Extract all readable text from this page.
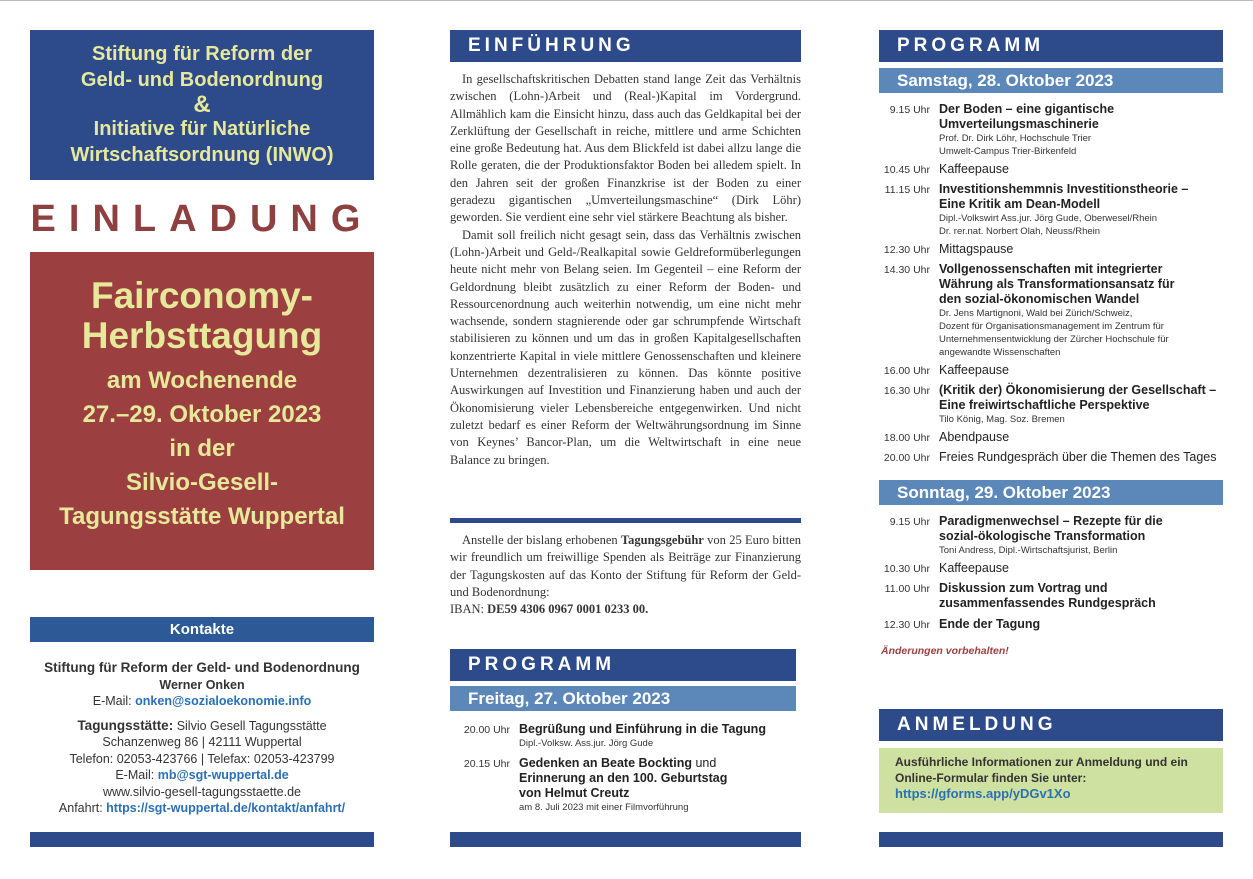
Stiftung für Reform der
Geld- und Bodenordnung
&
Initiative für Natürliche
Wirtschaftsordnung (INWO)
EINLADUNG
Fairconomy-
Herbsttagung
am Wochenende
27.–29. Oktober 2023
in der
Silvio-Gesell-
Tagungsstätte Wuppertal
Kontakte
Stiftung für Reform der Geld- und Bodenordnung
Werner Onken
E-Mail: onken@sozialoekonomie.info
Tagungsstätte: Silvio Gesell Tagungsstätte
Schanzenweg 86 | 42111 Wuppertal
Telefon: 02053-423766 | Telefax: 02053-423799
E-Mail: mb@sgt-wuppertal.de
www.silvio-gesell-tagungsstaette.de
Anfahrt: https://sgt-wuppertal.de/kontakt/anfahrt/
EINFÜHRUNG

In gesellschaftskritischen Debatten stand lange Zeit das Verhältnis zwischen (Lohn-)Arbeit und (Real-)Kapital im Vordergrund. Allmählich kam die Einsicht hinzu, dass auch das Geldkapital bei der Zerklüftung der Gesellschaft in reiche, mittlere und arme Schichten eine große Bedeutung hat. Aus dem Blickfeld ist dabei allzu lange die Rolle geraten, die der Produktionsfaktor Boden bei alledem spielt. In den Jahren seit der großen Finanzkrise ist der Boden zu einer geradezu gigantischen „Umverteilungsmaschine“ (Dirk Löhr) geworden. Sie verdient eine sehr viel stärkere Beachtung als bisher.

Damit soll freilich nicht gesagt sein, dass das Verhältnis zwischen (Lohn-)Arbeit und Geld-/Realkapital sowie Geldreformüberlegungen heute nicht mehr von Belang seien. Im Gegenteil – eine Reform der Geldordnung bleibt zusätzlich zu einer Reform der Boden- und Ressourcenordnung auch weiterhin notwendig, um eine nicht mehr wachsende, sondern stagnierende oder gar schrumpfende Wirtschaft stabilisieren zu können und um das in großen Kapitalgesellschaften konzentrierte Kapital in viele mittlere Genossenschaften und kleinere Unternehmen dezentralisieren zu können. Das könnte positive Auswirkungen auf Investition und Finanzierung haben und auch der Ökonomisierung vieler Lebensbereiche entgegenwirken. Und nicht zuletzt bedarf es einer Reform der Weltwährungsordnung im Sinne von Keynes’ Bancor-Plan, um die Weltwirtschaft in eine neue Balance zu bringen.

Anstelle der bislang erhobenen Tagungsgebühr von 25 Euro bitten wir freundlich um freiwillige Spenden als Beiträge zur Finanzierung der Tagungskosten auf das Konto der Stiftung für Reform der Geld- und Bodenordnung:

IBAN: DE59 4306 0967 0001 0233 00.

PROGRAMM
Freitag, 27. Oktober 2023
20.00 Uhr Begrüßung und Einführung in die Tagung
Dipl.-Volksw. Ass.jur. Jörg Gude
20.15 Uhr Gedenken an Beate Bockting und
Erinnerung an den 100. Geburtstag
von Helmut Creutz
am 8. Juli 2023 mit einer Filmvorführung
PROGRAMM
Samstag, 28. Oktober 2023
9.15 Uhr Der Boden – eine gigantische
Umverteilungsmaschinerie
Prof. Dr. Dirk Löhr, Hochschule Trier
Umwelt-Campus Trier-Birkenfeld
10.45 Uhr Kaffeepause
11.15 Uhr Investitionshemmnis Investitionstheorie –
Eine Kritik am Dean-Modell
Dipl.-Volkswirt Ass.jur. Jörg Gude, Oberwesel/Rhein
Dr. rer.nat. Norbert Olah, Neuss/Rhein
12.30 Uhr Mittagspause
14.30 Uhr Vollgenossenschaften mit integrierter
Währung als Transformationsansatz für
den sozial-ökonomischen Wandel
Dr. Jens Martignoni, Wald bei Zürich/Schweiz,
Dozent für Organisationsmanagement im Zentrum für
Unternehmensentwicklung der Zürcher Hochschule für
angewandte Wissenschaften
16.00 Uhr Kaffeepause
16.30 Uhr (Kritik der) Ökonomisierung der Gesellschaft –
Eine freiwirtschaftliche Perspektive
Tilo König, Mag. Soz. Bremen
18.00 Uhr Abendpause
20.00 Uhr Freies Rundgespräch über die Themen des Tages
Sonntag, 29. Oktober 2023
9.15 Uhr Paradigmenwechsel – Rezepte für die
sozial-ökologische Transformation
Toni Andress, Dipl.-Wirtschaftsjurist, Berlin
10.30 Uhr Kaffeepause
11.00 Uhr Diskussion zum Vortrag und
zusammenfassendes Rundgespräch
12.30 Uhr Ende der Tagung
Änderungen vorbehalten!
ANMELDUNG
Ausführliche Informationen zur Anmeldung und ein
Online-Formular finden Sie unter:
https://gforms.app/yDGv1Xo
